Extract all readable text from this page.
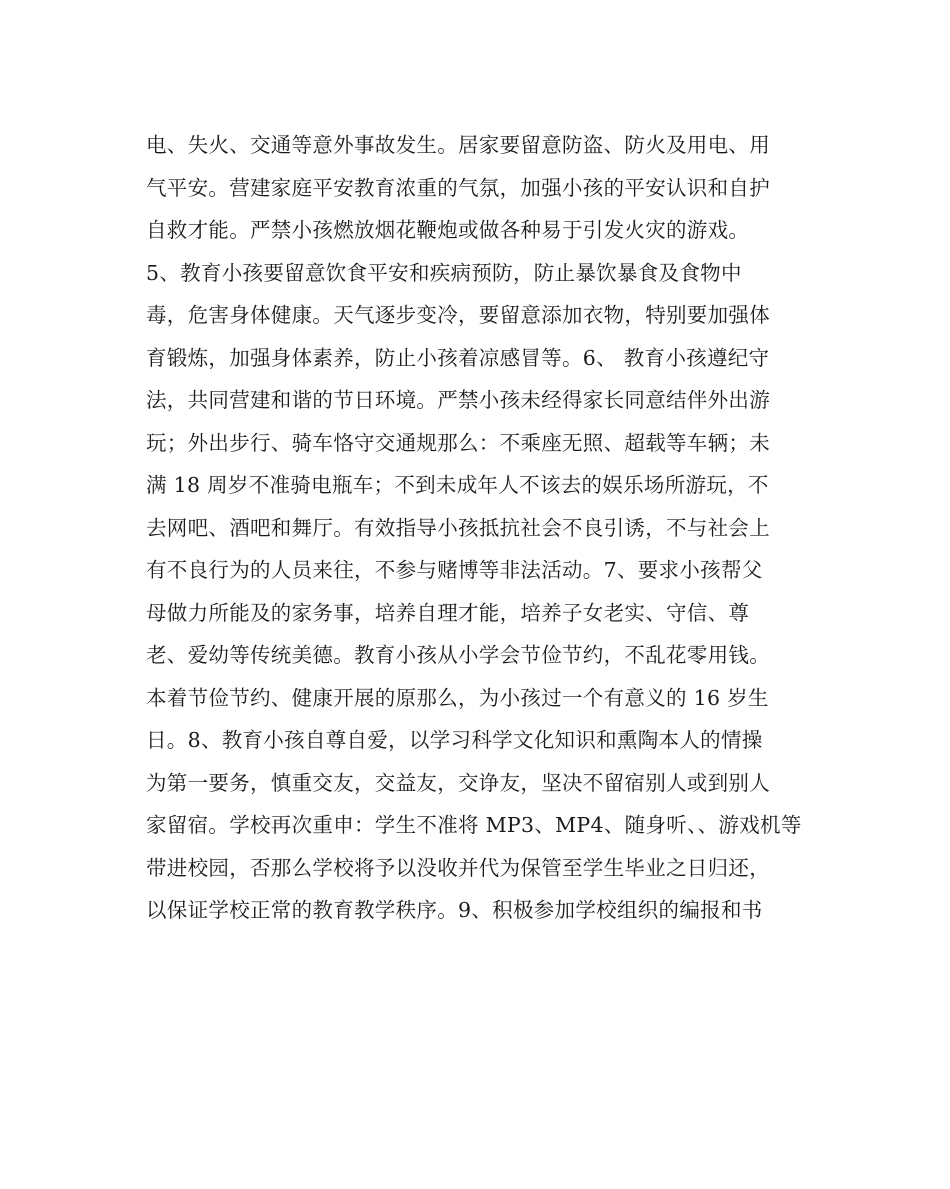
电、失火、交通等意外事故发生。居家要留意防盗、防火及用电、用
气平安。营建家庭平安教育浓重的气氛，加强小孩的平安认识和自护
自救才能。严禁小孩燃放烟花鞭炮或做各种易于引发火灾的游戏。
5、教育小孩要留意饮食平安和疾病预防，防止暴饮暴食及食物中
毒，危害身体健康。天气逐步变冷，要留意添加衣物，特别要加强体
育锻炼，加强身体素养，防止小孩着凉感冒等。6、 教育小孩遵纪守
法，共同营建和谐的节日环境。严禁小孩未经得家长同意结伴外出游
玩；外出步行、骑车恪守交通规那么：不乘座无照、超载等车辆；未
满 18 周岁不准骑电瓶车；不到未成年人不该去的娱乐场所游玩，不
去网吧、酒吧和舞厅。有效指导小孩抵抗社会不良引诱，不与社会上
有不良行为的人员来往，不参与赌博等非法活动。7、要求小孩帮父
母做力所能及的家务事，培养自理才能，培养子女老实、守信、尊
老、爱幼等传统美德。教育小孩从小学会节俭节约，不乱花零用钱。
本着节俭节约、健康开展的原那么，为小孩过一个有意义的 16 岁生
日。8、教育小孩自尊自爱，以学习科学文化知识和熏陶本人的情操
为第一要务，慎重交友，交益友，交诤友，坚决不留宿别人或到别人
家留宿。学校再次重申：学生不准将 MP3、MP4、随身听、、游戏机等
带进校园，否那么学校将予以没收并代为保管至学生毕业之日归还，
以保证学校正常的教育教学秩序。9、积极参加学校组织的编报和书
